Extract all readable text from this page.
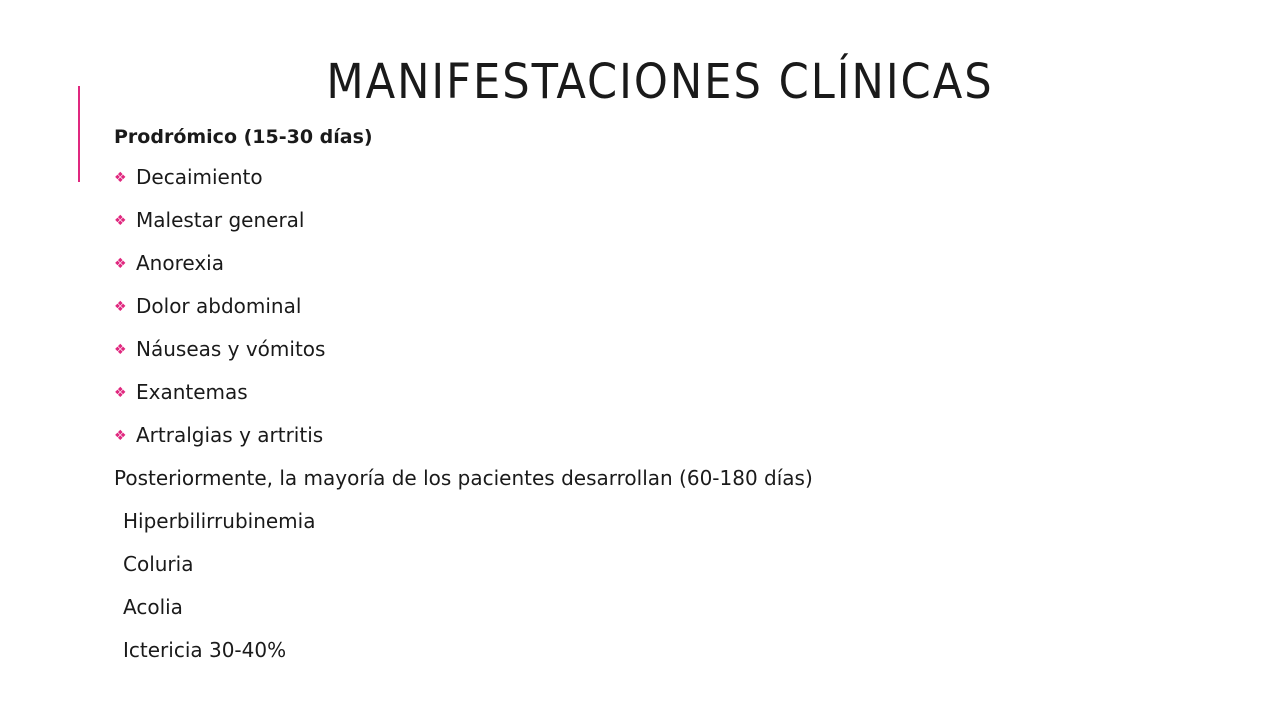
MANIFESTACIONES CLÍNICAS
Prodrómico (15-30 días)
❖ Decaimiento
❖ Malestar general
❖ Anorexia
❖ Dolor abdominal
❖ Náuseas y vómitos
❖ Exantemas
❖ Artralgias y artritis
Posteriormente, la mayoría de los pacientes desarrollan (60-180 días)
Hiperbilirrubinemia
Coluria
Acolia
Ictericia 30-40%
